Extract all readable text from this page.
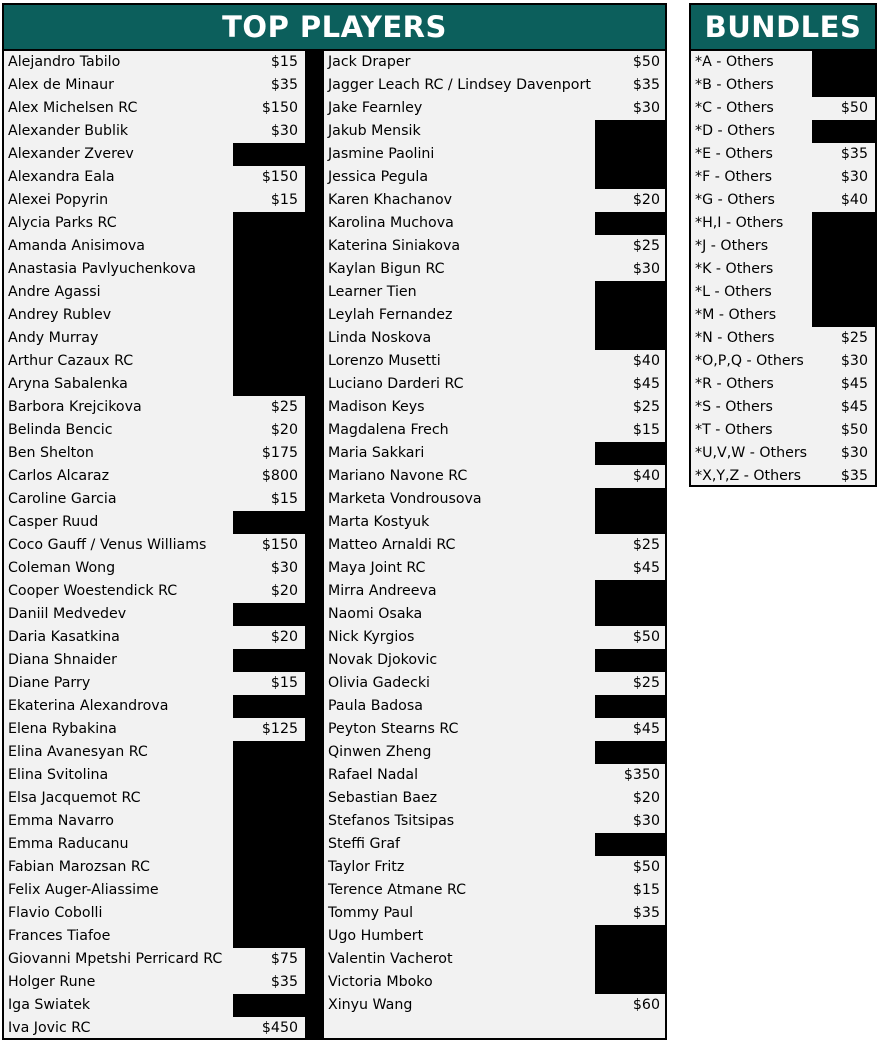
TOP PLAYERS
Alejandro Tabilo	$15
Alex de Minaur	$35
Alex Michelsen RC	$150
Alexander Bublik	$30
Alexander Zverev
Alexandra Eala	$150
Alexei Popyrin	$15
Alycia Parks RC
Amanda Anisimova
Anastasia Pavlyuchenkova
Andre Agassi
Andrey Rublev
Andy Murray
Arthur Cazaux RC
Aryna Sabalenka
Barbora Krejcikova	$25
Belinda Bencic	$20
Ben Shelton	$175
Carlos Alcaraz	$800
Caroline Garcia	$15
Casper Ruud
Coco Gauff / Venus Williams	$150
Coleman Wong	$30
Cooper Woestendick RC	$20
Daniil Medvedev
Daria Kasatkina	$20
Diana Shnaider
Diane Parry	$15
Ekaterina Alexandrova
Elena Rybakina	$125
Elina Avanesyan RC
Elina Svitolina
Elsa Jacquemot RC
Emma Navarro
Emma Raducanu
Fabian Marozsan RC
Felix Auger-Aliassime
Flavio Cobolli
Frances Tiafoe
Giovanni Mpetshi Perricard RC	$75
Holger Rune	$35
Iga Swiatek
Iva Jovic RC	$450
Jack Draper	$50
Jagger Leach RC / Lindsey Davenport	$35
Jake Fearnley	$30
Jakub Mensik
Jasmine Paolini
Jessica Pegula
Karen Khachanov	$20
Karolina Muchova
Katerina Siniakova	$25
Kaylan Bigun RC	$30
Learner Tien
Leylah Fernandez
Linda Noskova
Lorenzo Musetti	$40
Luciano Darderi RC	$45
Madison Keys	$25
Magdalena Frech	$15
Maria Sakkari
Mariano Navone RC	$40
Marketa Vondrousova
Marta Kostyuk
Matteo Arnaldi RC	$25
Maya Joint RC	$45
Mirra Andreeva
Naomi Osaka
Nick Kyrgios	$50
Novak Djokovic
Olivia Gadecki	$25
Paula Badosa
Peyton Stearns RC	$45
Qinwen Zheng
Rafael Nadal	$350
Sebastian Baez	$20
Stefanos Tsitsipas	$30
Steffi Graf
Taylor Fritz	$50
Terence Atmane RC	$15
Tommy Paul	$35
Ugo Humbert
Valentin Vacherot
Victoria Mboko
Xinyu Wang	$60
BUNDLES
*A - Others
*B - Others
*C - Others	$50
*D - Others
*E - Others	$35
*F - Others	$30
*G - Others	$40
*H,I - Others
*J - Others
*K - Others
*L - Others
*M - Others
*N - Others	$25
*O,P,Q - Others	$30
*R - Others	$45
*S - Others	$45
*T - Others	$50
*U,V,W - Others	$30
*X,Y,Z - Others	$35
